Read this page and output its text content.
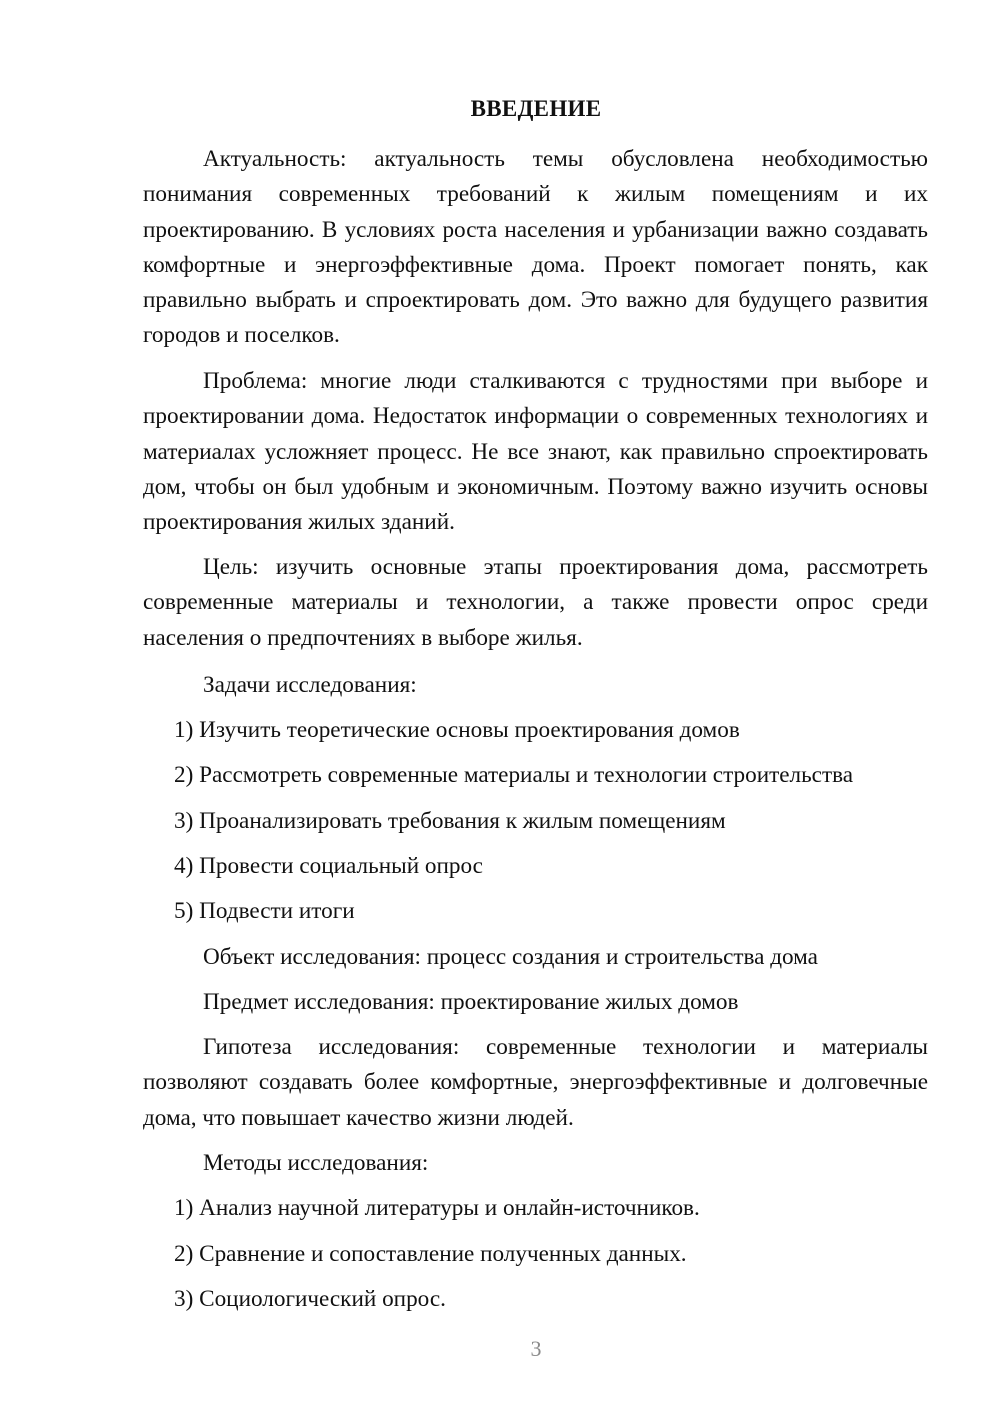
ВВЕДЕНИЕ

Актуальность: актуальность темы обусловлена необходимостью понимания современных требований к жилым помещениям и их проектированию. В условиях роста населения и урбанизации важно создавать комфортные и энергоэффективные дома. Проект помогает понять, как правильно выбрать и спроектировать дом. Это важно для будущего развития городов и поселков.

Проблема: многие люди сталкиваются с трудностями при выборе и проектировании дома. Недостаток информации о современных технологиях и материалах усложняет процесс. Не все знают, как правильно спроектировать дом, чтобы он был удобным и экономичным. Поэтому важно изучить основы проектирования жилых зданий.

Цель: изучить основные этапы проектирования дома, рассмотреть современные материалы и технологии, а также провести опрос среди населения о предпочтениях в выборе жилья.

Задачи исследования:

1) Изучить теоретические основы проектирования домов

2) Рассмотреть современные материалы и технологии строительства

3) Проанализировать требования к жилым помещениям

4) Провести социальный опрос

5) Подвести итоги

Объект исследования: процесс создания и строительства дома

Предмет исследования: проектирование жилых домов

Гипотеза исследования: современные технологии и материалы позволяют создавать более комфортные, энергоэффективные и долговечные дома, что повышает качество жизни людей.

Методы исследования:

1) Анализ научной литературы и онлайн-источников.

2) Сравнение и сопоставление полученных данных.

3) Социологический опрос.

3
